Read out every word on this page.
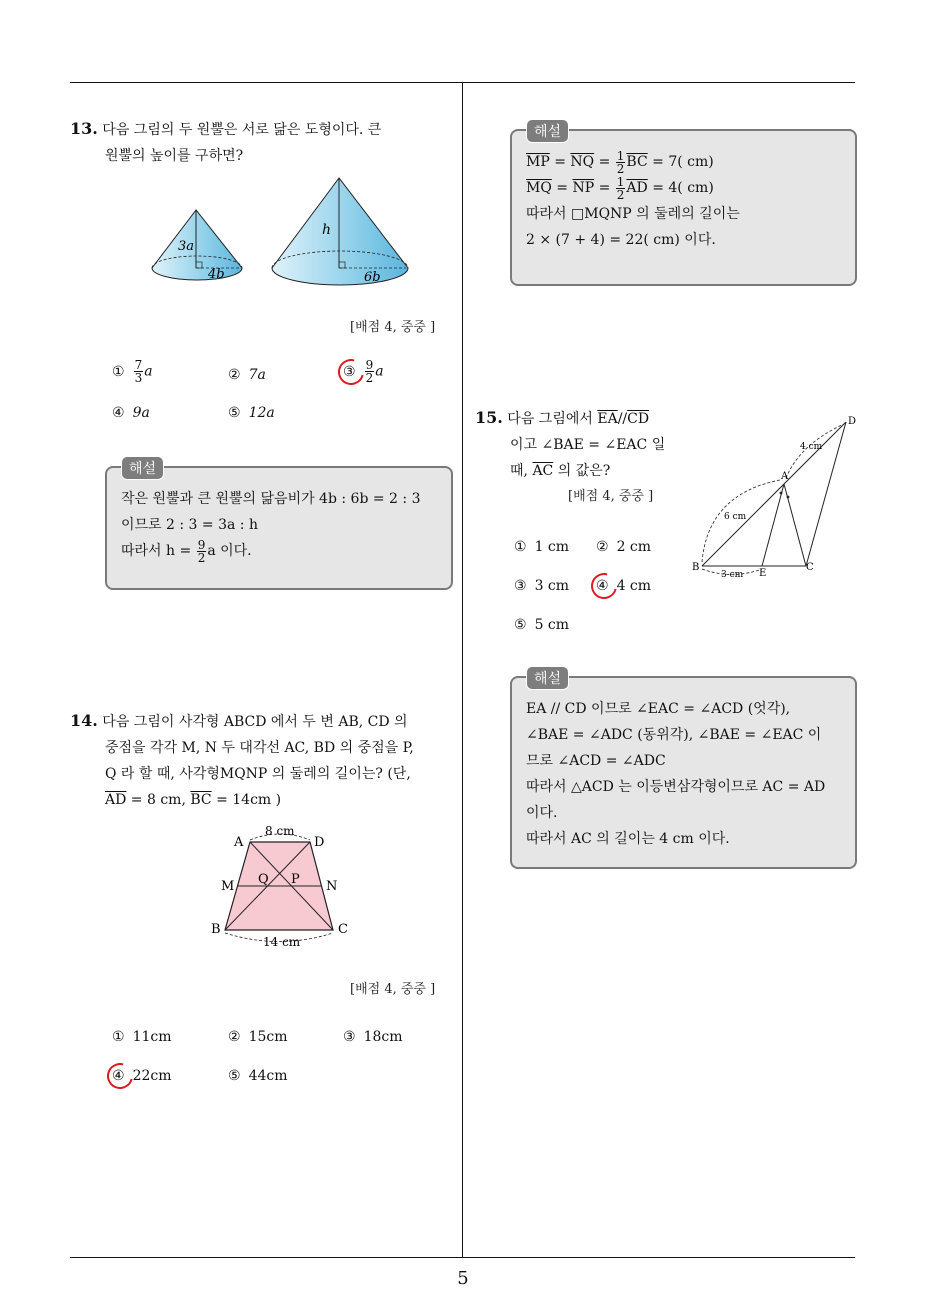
5
13. 다음 그림의 두 원뿔은 서로 닮은 도형이다. 큰
원뿔의 높이를 구하면?
3a
4b
h
6b
[배점 4, 중중 ]
① $\frac{7}{3}$ a	② 7a	③ $\frac{9}{2}$ a
④ 9a	⑤ 12a
해설
작은 원뿔과 큰 원뿔의 닮음비가 4b : 6b = 2 : 3
이므로 2 : 3 = 3a : h
따라서 $h = \frac{9}{2}$ a 이다.
14. 다음 그림이 사각형 ABCD 에서 두 변 AB, CD 의
중점을 각각 M, N 두 대각선 AC, BD 의 중점을 P,
Q 라 할 때, 사각형MQNP 의 둘레의 길이는? (단,
$\overline{AD} = 8$ cm, $\overline{BC} = 14cm$ )
8 cm
14 cm
A	D
M	N
Q P
B	C
[배점 4, 중중 ]
① 11cm	② 15cm	③ 18cm
④ 22cm	⑤ 44cm
해설
$\overline{MP} = \overline{NQ} = \frac{1}{2} \overline{BC} = 7$( cm)
$\overline{MQ} = \overline{NP} = \frac{1}{2} \overline{AD} = 4$( cm)
따라서 □MQNP 의 둘레의 길이는
2 × (7 + 4) = 22( cm) 이다.
15. 다음 그림에서 $\overline{EA}//\overline{CD}$
이고 ∠BAE = ∠EAC 일
때, $\overline{AC}$ 의 값은?
[배점 4, 중중 ]
D
A
B
E
C
4 cm
6 cm
3 cm
① 1 cm ② 2 cm
③ 3 cm ④ 4 cm
⑤ 5 cm
해설
EA // CD 이므로 ∠EAC = ∠ACD (엇각),
∠BAE = ∠ADC (동위각), ∠BAE = ∠EAC 이
므로 ∠ACD = ∠ADC
따라서 △ACD 는 이등변삼각형이므로 AC = AD
이다.
따라서 AC 의 길이는 4 cm 이다.
